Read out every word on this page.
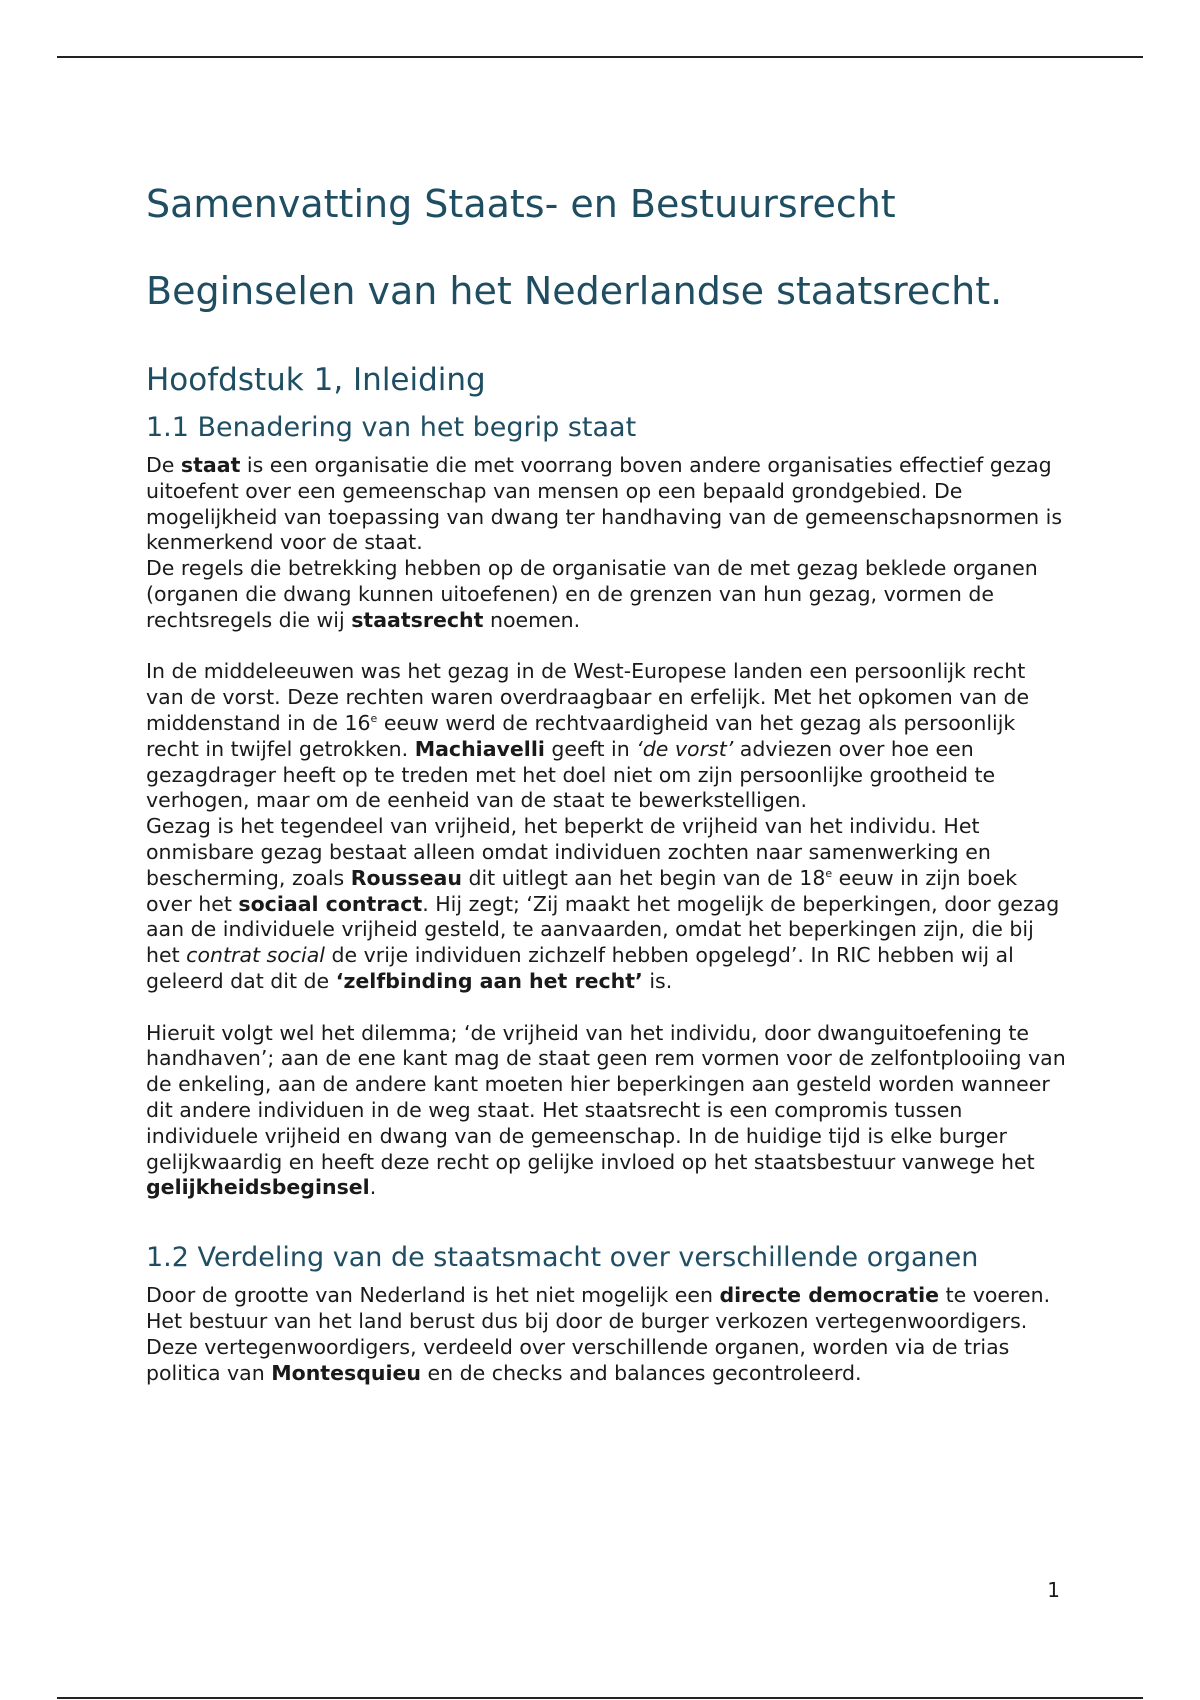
Samenvatting Staats- en Bestuursrecht
Beginselen van het Nederlandse staatsrecht.
Hoofdstuk 1, Inleiding
1.1 Benadering van het begrip staat

De staat is een organisatie die met voorrang boven andere organisaties effectief gezag uitoefent over een gemeenschap van mensen op een bepaald grondgebied. De mogelijkheid van toepassing van dwang ter handhaving van de gemeenschapsnormen is kenmerkend voor de staat.

De regels die betrekking hebben op de organisatie van de met gezag beklede organen (organen die dwang kunnen uitoefenen) en de grenzen van hun gezag, vormen de rechtsregels die wij staatsrecht noemen.

In de middeleeuwen was het gezag in de West-Europese landen een persoonlijk recht van de vorst. Deze rechten waren overdraagbaar en erfelijk. Met het opkomen van de middenstand in de 16e eeuw werd de rechtvaardigheid van het gezag als persoonlijk recht in twijfel getrokken. Machiavelli geeft in ‘de vorst’ adviezen over hoe een gezagdrager heeft op te treden met het doel niet om zijn persoonlijke grootheid te verhogen, maar om de eenheid van de staat te bewerkstelligen.

Gezag is het tegendeel van vrijheid, het beperkt de vrijheid van het individu. Het onmisbare gezag bestaat alleen omdat individuen zochten naar samenwerking en bescherming, zoals Rousseau dit uitlegt aan het begin van de 18e eeuw in zijn boek over het sociaal contract. Hij zegt; ‘Zij maakt het mogelijk de beperkingen, door gezag aan de individuele vrijheid gesteld, te aanvaarden, omdat het beperkingen zijn, die bij het contrat social de vrije individuen zichzelf hebben opgelegd’. In RIC hebben wij al geleerd dat dit de ‘zelfbinding aan het recht’ is.

Hieruit volgt wel het dilemma; ‘de vrijheid van het individu, door dwanguitoefening te handhaven’; aan de ene kant mag de staat geen rem vormen voor de zelfontplooiing van de enkeling, aan de andere kant moeten hier beperkingen aan gesteld worden wanneer dit andere individuen in de weg staat. Het staatsrecht is een compromis tussen individuele vrijheid en dwang van de gemeenschap. In de huidige tijd is elke burger gelijkwaardig en heeft deze recht op gelijke invloed op het staatsbestuur vanwege het gelijkheidsbeginsel.

1.2 Verdeling van de staatsmacht over verschillende organen

Door de grootte van Nederland is het niet mogelijk een directe democratie te voeren. Het bestuur van het land berust dus bij door de burger verkozen vertegenwoordigers. Deze vertegenwoordigers, verdeeld over verschillende organen, worden via de trias politica van Montesquieu en de checks and balances gecontroleerd.

1
